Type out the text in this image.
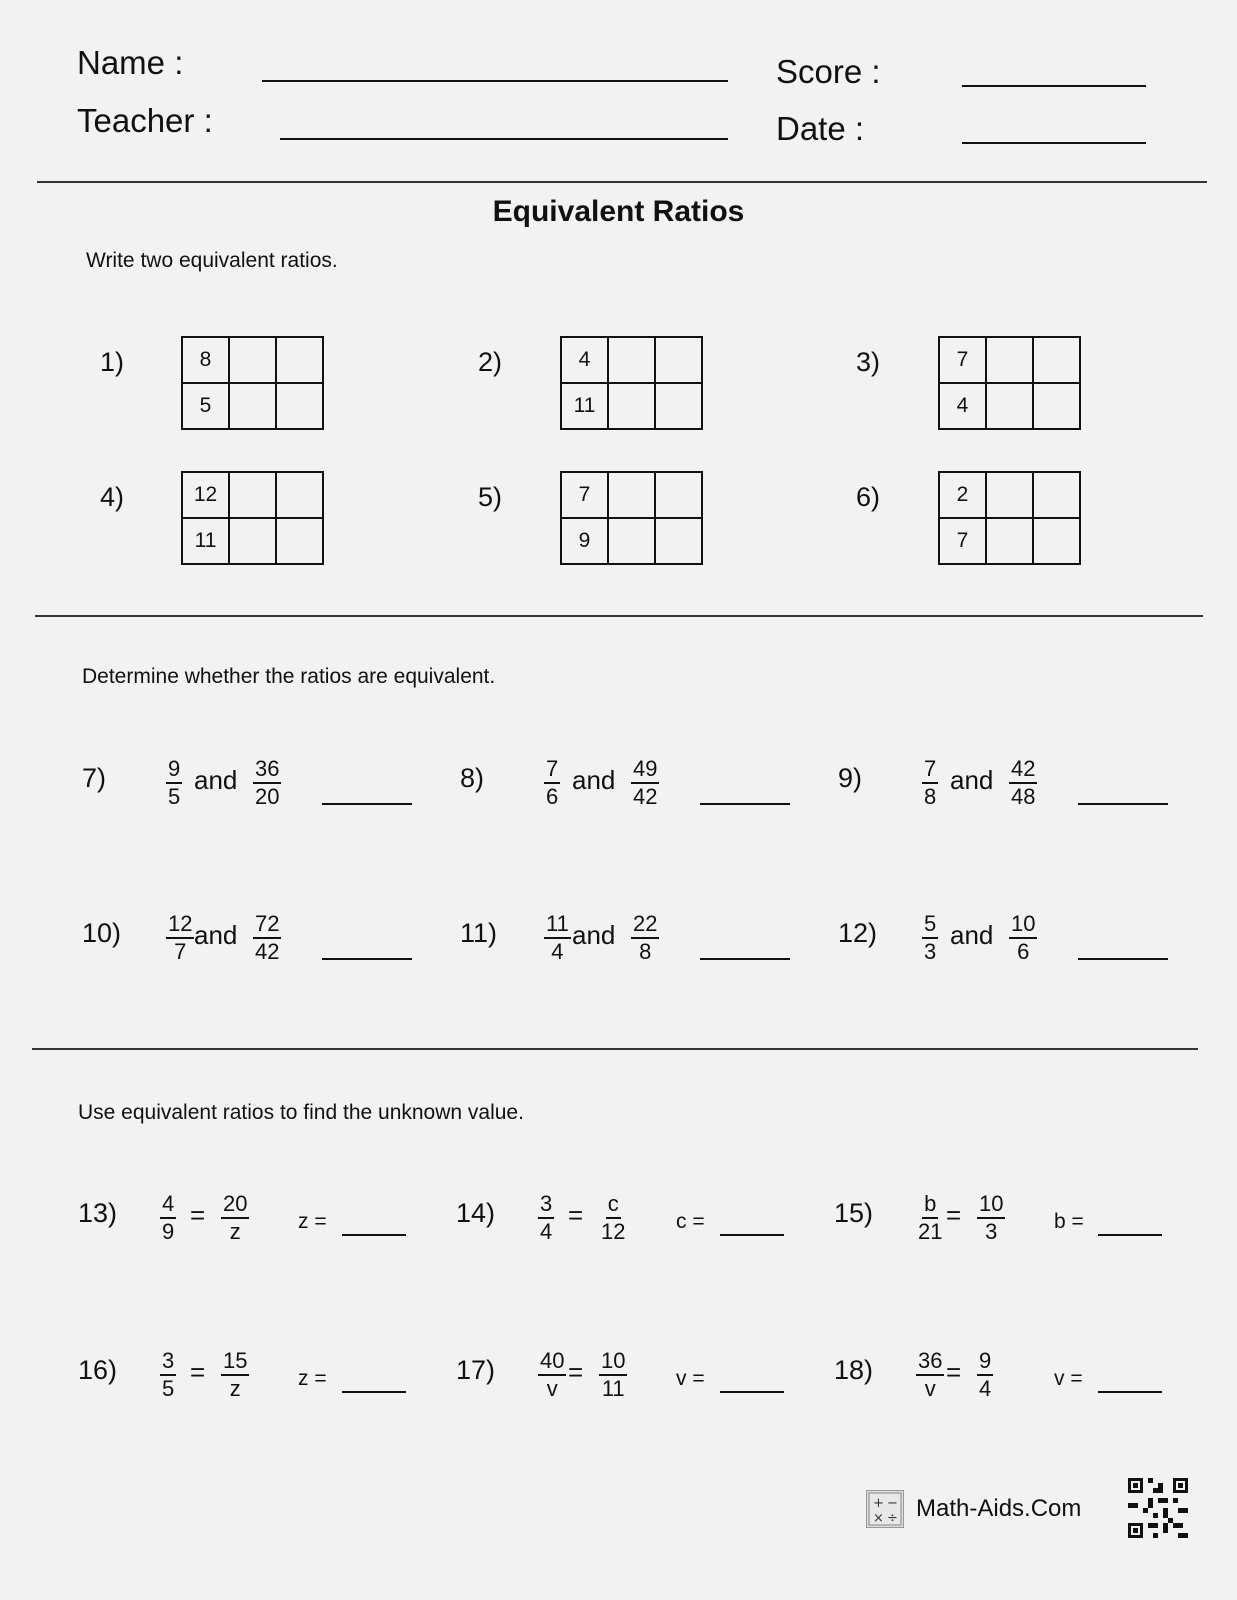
Name :
Teacher :
Score :
Date :
Equivalent Ratios
Write two equivalent ratios.
1)	8		
5		
2)	4		
11		
3)	7		
4		
4)	12		
11		
5)	7		
9		
6)	2		
7		
Determine whether the ratios are equivalent.
7)	$\frac{9}{5}$ and $\frac{36}{20}$	8)	$\frac{7}{6}$ and $\frac{49}{42}$	9)	$\frac{7}{8}$ and $\frac{42}{48}$
$10) \frac{12}{7}$ and $\frac{72}{42}$	$11) \frac{11}{4}$ and $\frac{22}{8}$	$12) \frac{5}{3}$ and $\frac{10}{6}$
Use equivalent ratios to find the unknown value.
$13) \frac{4}{9} = \frac{20}{z}$ z =	$14) \frac{3}{4} = \frac{c}{12}$ c =	$15) \frac{b}{21} = \frac{10}{3}$ b =
$16) \frac{3}{5} = \frac{15}{z}$ z =	$17) \frac{40}{v} = \frac{10}{11}$ v =	$18) \frac{36}{v} = \frac{9}{4}$	v =
+ −
× ÷ Math-Aids.Com
